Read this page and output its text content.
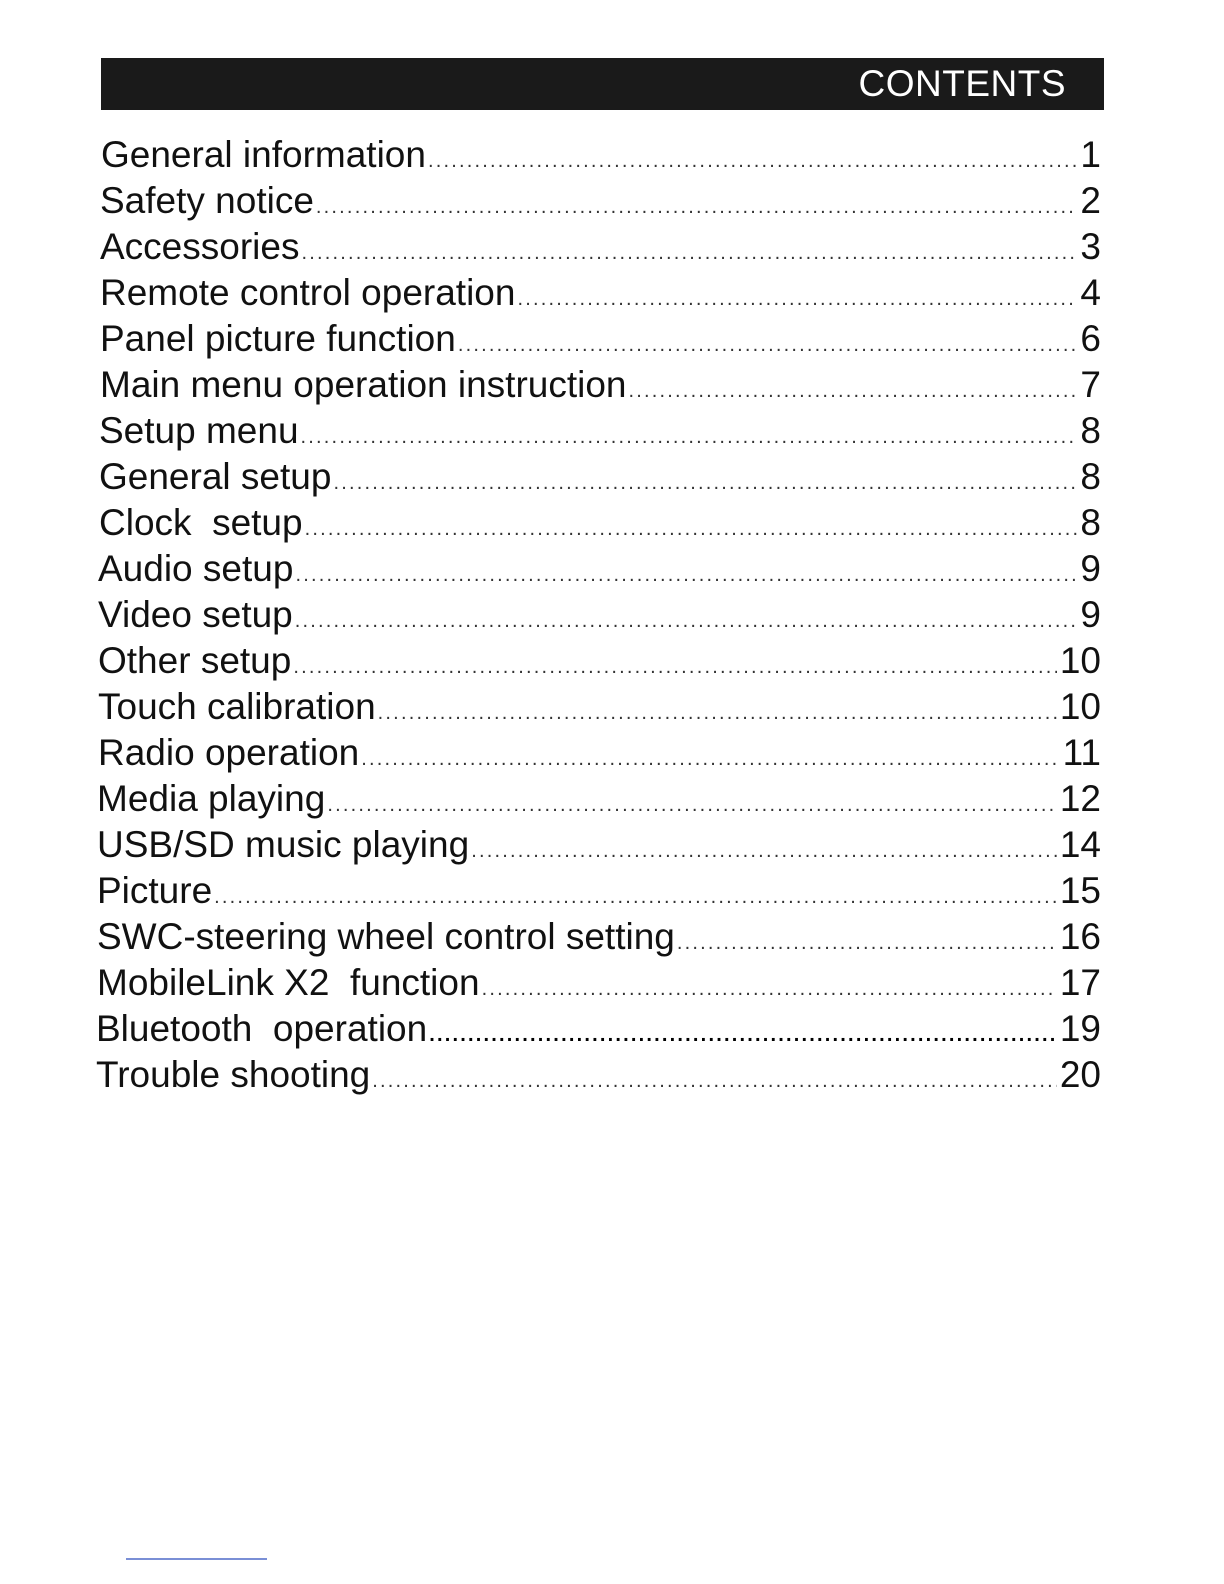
CONTENTS
General information .....	1
Safety notice .....	2
Accessories .....	3
Remote control operation .....	4
Panel picture function .....	6
Main menu operation instruction .....	7
Setup menu .....	8
General setup .....	8
Clock  setup .....	8
Audio setup .....	9
Video setup .....	9
Other setup .....	10
Touch calibration .....	10
Radio operation .....	11
Media playing .....	12
USB/SD music playing .....	14
Picture .....	15
SWC-steering wheel control setting .....	16
MobileLink X2  function .....	17
Bluetooth  operation .....	19
Trouble shooting .....	20
